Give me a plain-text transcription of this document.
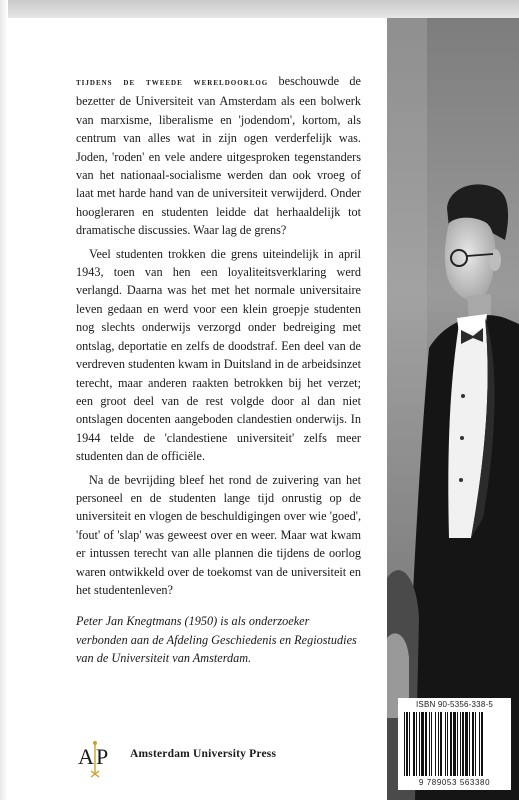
tijdens de tweede wereldoorlog beschouwde de bezetter de Universiteit van Amsterdam als een bolwerk van marxisme, liberalisme en 'jodendom', kortom, als centrum van alles wat in zijn ogen verderfelijk was. Joden, 'roden' en vele andere uitgesproken tegenstanders van het nationaal-socialisme werden dan ook vroeg of laat met harde hand van de universiteit verwijderd. Onder hoogleraren en studenten leidde dat herhaaldelijk tot dramatische discussies. Waar lag de grens?

Veel studenten trokken die grens uiteindelijk in april 1943, toen van hen een loyaliteitsverklaring werd verlangd. Daarna was het met het normale universitaire leven gedaan en werd voor een klein groepje studenten nog slechts onderwijs verzorgd onder bedreiging met ontslag, deportatie en zelfs de doodstraf. Een deel van de verdreven studenten kwam in Duitsland in de arbeidsinzet terecht, maar anderen raakten betrokken bij het verzet; een groot deel van de rest volgde door al dan niet ontslagen docenten aangeboden clandestien onderwijs. In 1944 telde de 'clandestiene universiteit' zelfs meer studenten dan de officiële.

Na de bevrijding bleef het rond de zuivering van het personeel en de studenten lange tijd onrustig op de universiteit en vlogen de beschuldigingen over wie 'goed', 'fout' of 'slap' was geweest over en weer. Maar wat kwam er intussen terecht van alle plannen die tijdens de oorlog waren ontwikkeld over de toekomst van de universiteit en het studentenleven?

Peter Jan Knegtmans (1950) is als onderzoeker verbonden aan de Afdeling Geschiedenis en Regiostudies van de Universiteit van Amsterdam.

ISBN 90-5356-338-5
9 789053 563380
A P Amsterdam University Press
